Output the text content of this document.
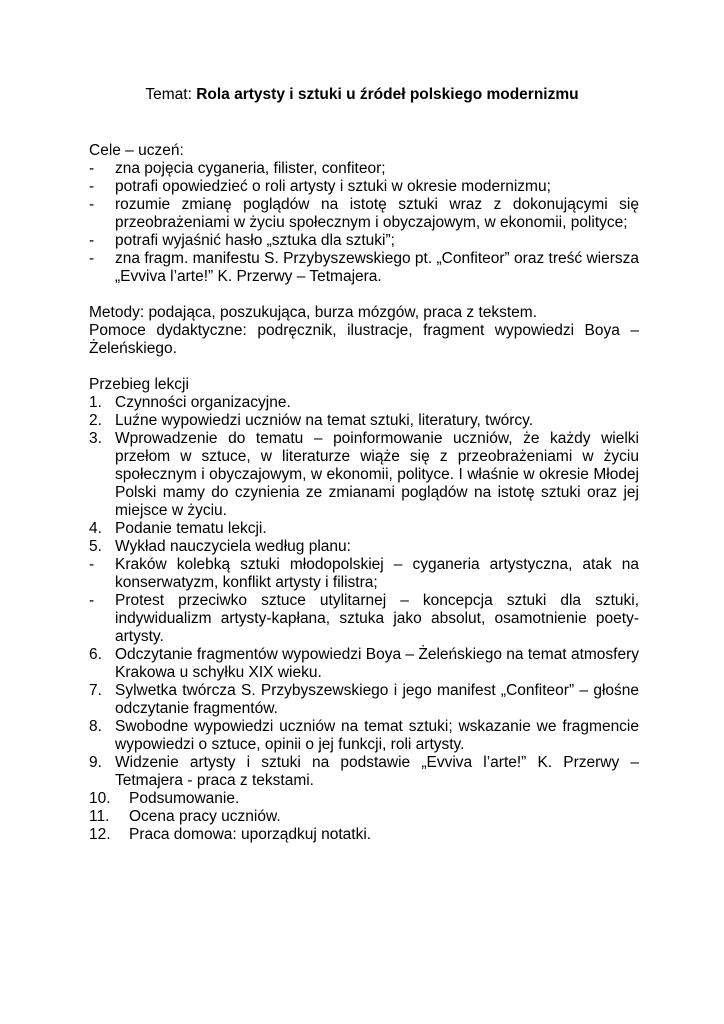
Temat: Rola artysty i sztuki u źródeł polskiego modernizmu
Cele – uczeń:
-	zna pojęcia cyganeria, filister, confiteor;
-	potrafi opowiedzieć o roli artysty i sztuki w okresie modernizmu;
-	rozumie zmianę poglądów na istotę sztuki wraz z dokonującymi się przeobrażeniami w życiu społecznym i obyczajowym, w ekonomii, polityce;
-	potrafi wyjaśnić hasło „sztuka dla sztuki”;
-	zna fragm. manifestu S. Przybyszewskiego pt. „Confiteor” oraz treść wiersza „Evviva l’arte!” K. Przerwy – Tetmajera.
Metody: podająca, poszukująca, burza mózgów, praca z tekstem.
Pomoce dydaktyczne: podręcznik, ilustracje, fragment wypowiedzi Boya – Żeleńskiego.
Przebieg lekcji
1. Czynności organizacyjne.
2. Luźne wypowiedzi uczniów na temat sztuki, literatury, twórcy.
3. Wprowadzenie do tematu – poinformowanie uczniów, że każdy wielki przełom w sztuce, w literaturze wiąże się z przeobrażeniami w życiu społecznym i obyczajowym, w ekonomii, polityce. I właśnie w okresie Młodej Polski mamy do czynienia ze zmianami poglądów na istotę sztuki oraz jej miejsce w życiu.
4. Podanie tematu lekcji.
5. Wykład nauczyciela według planu:
-	Kraków kolebką sztuki młodopolskiej – cyganeria artystyczna, atak na konserwatyzm, konflikt artysty i filistra;
-	Protest przeciwko sztuce utylitarnej – koncepcja sztuki dla sztuki, indywidualizm artysty-kapłana, sztuka jako absolut, osamotnienie poety-artysty.
6. Odczytanie fragmentów wypowiedzi Boya – Żeleńskiego na temat atmosfery Krakowa u schyłku XIX wieku.
7. Sylwetka twórcza S. Przybyszewskiego i jego manifest „Confiteor” – głośne odczytanie fragmentów.
8. Swobodne wypowiedzi uczniów na temat sztuki; wskazanie we fragmencie wypowiedzi o sztuce, opinii o jej funkcji, roli artysty.
9. Widzenie artysty i sztuki na podstawie „Evviva l’arte!” K. Przerwy – Tetmajera - praca z tekstami.
10.	Podsumowanie.
11.	Ocena pracy uczniów.
12.	Praca domowa: uporządkuj notatki.
